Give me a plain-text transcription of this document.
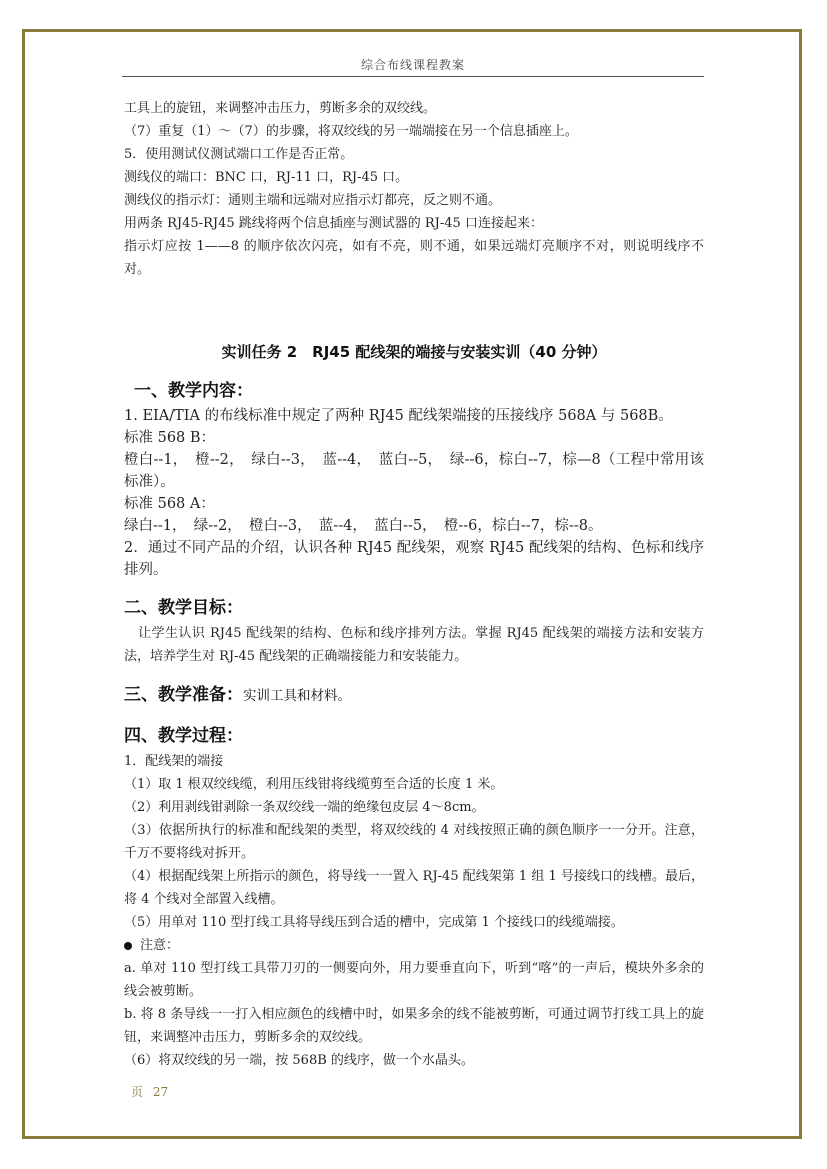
综合布线课程教案

工具上的旋钮，来调整冲击压力，剪断多余的双绞线。

（7）重复（1）～（7）的步骤，将双绞线的另一端端接在另一个信息插座上。

5．使用测试仪测试端口工作是否正常。

测线仪的端口：BNC 口，RJ-11 口，RJ-45 口。

测线仪的指示灯：通则主端和远端对应指示灯都亮，反之则不通。

用两条 RJ45-RJ45 跳线将两个信息插座与测试器的 RJ-45 口连接起来：

指示灯应按 1——8 的顺序依次闪亮，如有不亮，则不通，如果远端灯亮顺序不对，则说明线序不对。

实训任务 2　RJ45 配线架的端接与安装实训（40 分钟）
一、教学内容：

1. EIA/TIA 的布线标准中规定了两种 RJ45 配线架端接的压接线序 568A 与 568B。

标准 568 B：

橙白--1，　橙--2，　绿白--3，　蓝--4，　蓝白--5，　绿--6，棕白--7，棕—8（工程中常用该标准）。

标准 568 A：

绿白--1，　绿--2，　橙白--3，　蓝--4，　蓝白--5，　橙--6，棕白--7，棕--8。

2．通过不同产品的介绍，认识各种 RJ45 配线架，观察 RJ45 配线架的结构、色标和线序排列。

二、教学目标：

让学生认识 RJ45 配线架的结构、色标和线序排列方法。掌握 RJ45 配线架的端接方法和安装方法，培养学生对 RJ-45 配线架的正确端接能力和安装能力。

三、教学准备：实训工具和材料。
四、教学过程：

1．配线架的端接

（1）取 1 根双绞线缆，利用压线钳将线缆剪至合适的长度 1 米。

（2）利用剥线钳剥除一条双绞线一端的绝缘包皮层 4～8cm。

（3）依据所执行的标准和配线架的类型，将双绞线的 4 对线按照正确的颜色顺序一一分开。注意，千万不要将线对拆开。

（4）根据配线架上所指示的颜色，将导线一一置入 RJ-45 配线架第 1 组 1 号接线口的线槽。最后，将 4 个线对全部置入线槽。

（5）用单对 110 型打线工具将导线压到合适的槽中，完成第 1 个接线口的线缆端接。

注意：

a. 单对 110 型打线工具带刀刃的一侧要向外，用力要垂直向下，听到“喀”的一声后，模块外多余的线会被剪断。

b. 将 8 条导线一一打入相应颜色的线槽中时，如果多余的线不能被剪断，可通过调节打线工具上的旋钮，来调整冲击压力，剪断多余的双绞线。

（6）将双绞线的另一端，按 568B 的线序，做一个水晶头。

页 27
